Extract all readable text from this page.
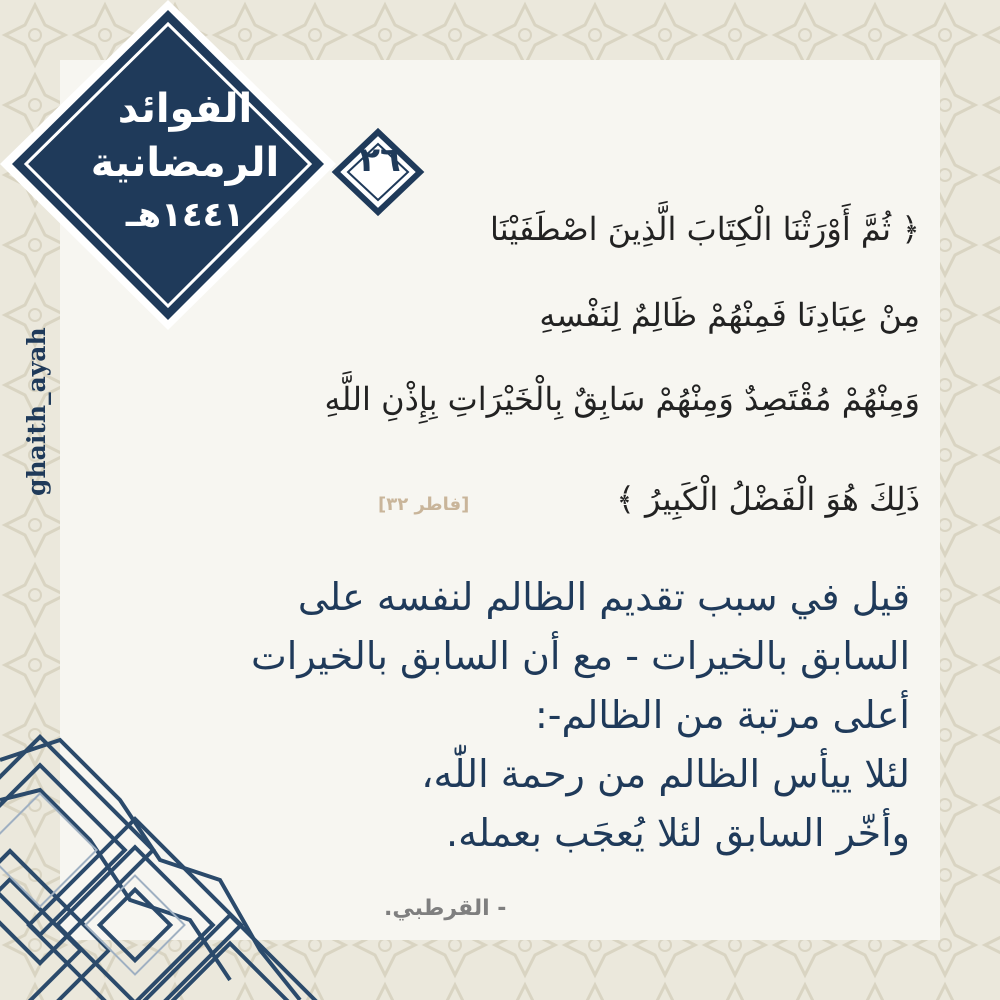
الفوائد
الرمضانية
١٤٤١هـ
٢٦
ghaith_ayah
﴿ ثُمَّ أَوْرَثْنَا الْكِتَابَ الَّذِينَ اصْطَفَيْنَا
مِنْ عِبَادِنَا فَمِنْهُمْ ظَالِمٌ لِنَفْسِهِ
وَمِنْهُمْ مُقْتَصِدٌ وَمِنْهُمْ سَابِقٌ بِالْخَيْرَاتِ بِإِذْنِ اللَّهِ
ذَلِكَ هُوَ الْفَضْلُ الْكَبِيرُ ﴾
[فاطر ٣٢]
قيل في سبب تقديم الظالم لنفسه على
السابق بالخيرات - مع أن السابق بالخيرات
أعلى مرتبة من الظالم-:
لئلا ييأس الظالم من رحمة اللّٰه،
وأخّر السابق لئلا يُعجَب بعمله.
- القرطبي.
